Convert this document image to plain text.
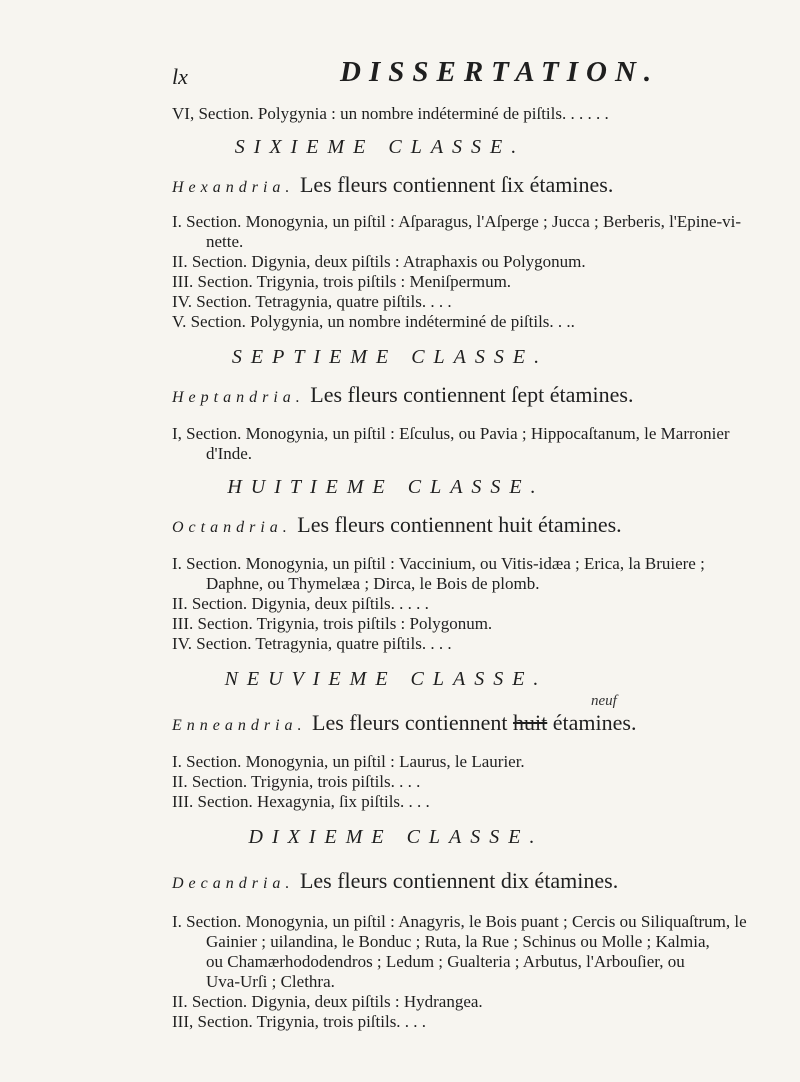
lx	DISSERTATION.
VI, Section. Polygynia : un nombre indéterminé de piſtils. . . . . .
SIXIEME CLASSE.
Hexandria. Les fleurs contiennent ſix étamines.
I. Section. Monogynia, un piſtil : Aſparagus, l'Aſperge ; Jucca ; Berberis, l'Epine-vi-
nette.
II. Section. Digynia, deux piſtils : Atraphaxis ou Polygonum.
III. Section. Trigynia, trois piſtils : Meniſpermum.
IV. Section. Tetragynia, quatre piſtils. . . .
V. Section. Polygynia, un nombre indéterminé de piſtils. . ..
SEPTIEME CLASSE.
Heptandria. Les fleurs contiennent ſept étamines.
I, Section. Monogynia, un piſtil : Eſculus, ou Pavia ; Hippocaſtanum, le Marronier
d'Inde.
HUITIEME CLASSE.
Octandria. Les fleurs contiennent huit étamines.
I. Section. Monogynia, un piſtil : Vaccinium, ou Vitis-idæa ; Erica, la Bruiere ;
Daphne, ou Thymelæa ; Dirca, le Bois de plomb.
II. Section. Digynia, deux piſtils. . . . .
III. Section. Trigynia, trois piſtils : Polygonum.
IV. Section. Tetragynia, quatre piſtils. . . .
NEUVIEME CLASSE.
neuf
Enneandria. Les fleurs contiennent huit étamines.
I. Section. Monogynia, un piſtil : Laurus, le Laurier.
II. Section. Trigynia, trois piſtils. . . .
III. Section. Hexagynia, ſix piſtils. . . .
DIXIEME CLASSE.
Decandria. Les fleurs contiennent dix étamines.
I. Section. Monogynia, un piſtil : Anagyris, le Bois puant ; Cercis ou Siliquaſtrum, le
Gainier ; uilandina, le Bonduc ; Ruta, la Rue ; Schinus ou Molle ; Kalmia,
ou Chamærhododendros ; Ledum ; Gualteria ; Arbutus, l'Arbouſier, ou
Uva-Urſi ; Clethra.
II. Section. Digynia, deux piſtils : Hydrangea.
III, Section. Trigynia, trois piſtils. . . .
